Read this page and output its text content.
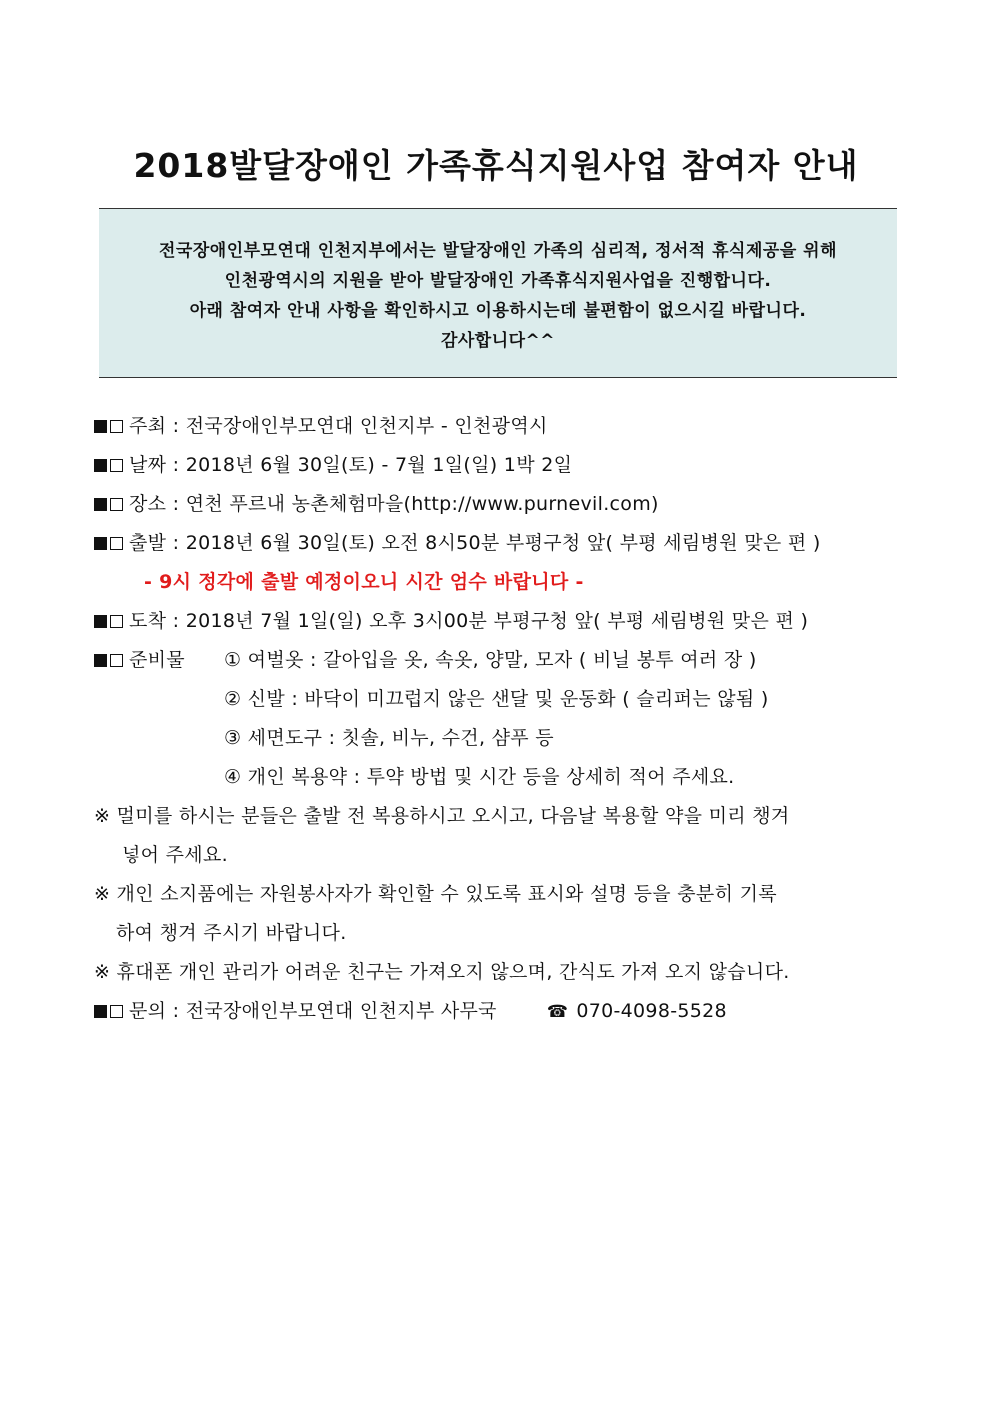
2018발달장애인 가족휴식지원사업 참여자 안내
전국장애인부모연대 인천지부에서는 발달장애인 가족의 심리적, 정서적 휴식제공을 위해
인천광역시의 지원을 받아 발달장애인 가족휴식지원사업을 진행합니다.
아래 참여자 안내 사항을 확인하시고 이용하시는데 불편함이 없으시길 바랍니다.
감사합니다^^
주최 : 전국장애인부모연대 인천지부 - 인천광역시
날짜 : 2018년 6월 30일(토) - 7월 1일(일) 1박 2일
장소 : 연천 푸르내 농촌체험마을(http://www.purnevil.com)
출발 : 2018년 6월 30일(토) 오전 8시50분 부평구청 앞( 부평 세림병원 맞은 편 )
- 9시 정각에 출발 예정이오니 시간 엄수 바랍니다 -
도착 : 2018년 7월 1일(일) 오후 3시00분 부평구청 앞( 부평 세림병원 맞은 편 )
준비물 ① 여벌옷 : 갈아입을 옷, 속옷, 양말, 모자 ( 비닐 봉투 여러 장 )
② 신발 : 바닥이 미끄럽지 않은 샌달 및 운동화 ( 슬리퍼는 않됨 )
③ 세면도구 : 칫솔, 비누, 수건, 샴푸 등
④ 개인 복용약 : 투약 방법 및 시간 등을 상세히 적어 주세요.
※ 멀미를 하시는 분들은 출발 전 복용하시고 오시고, 다음날 복용할 약을 미리 챙겨
넣어 주세요.
※ 개인 소지품에는 자원봉사자가 확인할 수 있도록 표시와 설명 등을 충분히 기록
하여 챙겨 주시기 바랍니다.
※ 휴대폰 개인 관리가 어려운 친구는 가져오지 않으며, 간식도 가져 오지 않습니다.
문의 : 전국장애인부모연대 인천지부 사무국	☎ 070-4098-5528
